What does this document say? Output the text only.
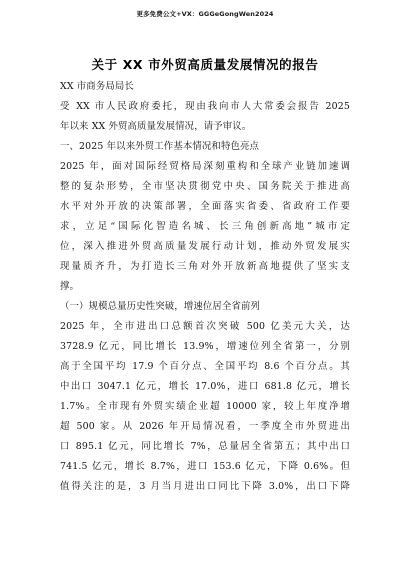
更多免费公文+VX：GGGeGongWen2024
关于 XX 市外贸高质量发展情况的报告
XX 市商务局局长

受 XX 市人民政府委托，现由我向市人大常委会报告 2025
年以来 XX 外贸高质量发展情况，请予审议。

一、2025 年以来外贸工作基本情况和特色亮点

2025 年，面对国际经贸格局深刻重构和全球产业链加速调
整的复杂形势，全市坚决贯彻党中央、国务院关于推进高
水平对外开放的决策部署，全面落实省委、省政府工作要
求，立足“国际化智造名城、长三角创新高地”城市定
位，深入推进外贸高质量发展行动计划，推动外贸发展实
现量质齐升，为打造长三角对外开放新高地提供了坚实支
撑。

（一）规模总量历史性突破，增速位居全省前列

2025 年，全市进出口总额首次突破 500 亿美元大关，达
3728.9 亿元，同比增长 13.9%，增速位列全省第一，分别
高于全国平均 17.9 个百分点、全国平均 8.6 个百分点。其
中出口 3047.1 亿元，增长 17.0%，进口 681.8 亿元，增长
1.7%。全市现有外贸实绩企业超 10000 家，较上年度净增
超 500 家。从 2026 年开局情况看，一季度全市外贸进出
口 895.1 亿元，同比增长 7%，总量居全省第五；其中出口
741.5 亿元，增长 8.7%，进口 153.6 亿元，下降 0.6%。但
值得关注的是，3 月当月进出口同比下降 3.0%，出口下降
